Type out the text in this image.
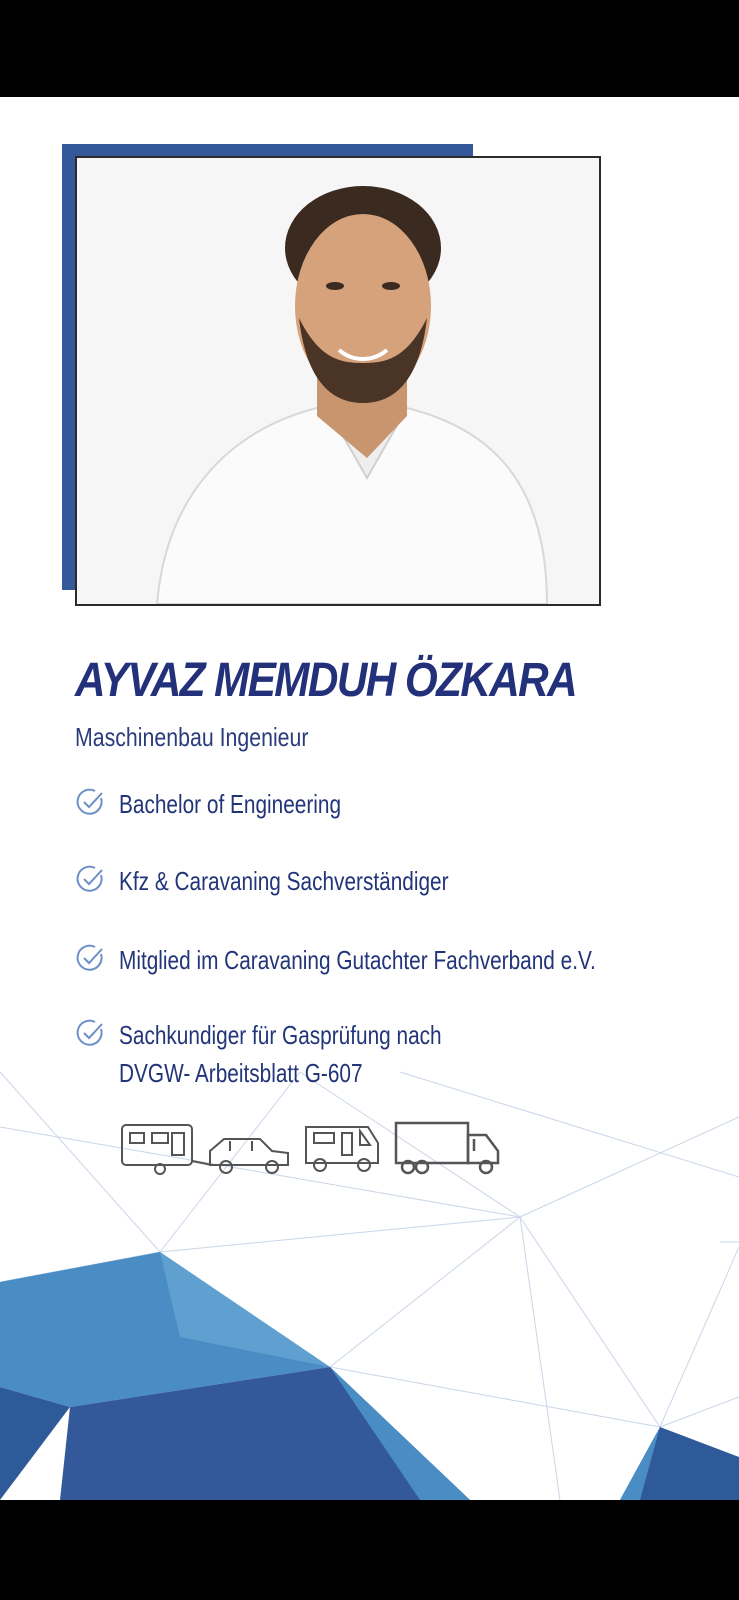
AYVAZ MEMDUH ÖZKARA
Maschinenbau Ingenieur
Bachelor of Engineering
Kfz & Caravaning Sachverständiger
Mitglied im Caravaning Gutachter Fachverband e.V.
Sachkundiger für Gasprüfung nach
DVGW- Arbeitsblatt G-607
